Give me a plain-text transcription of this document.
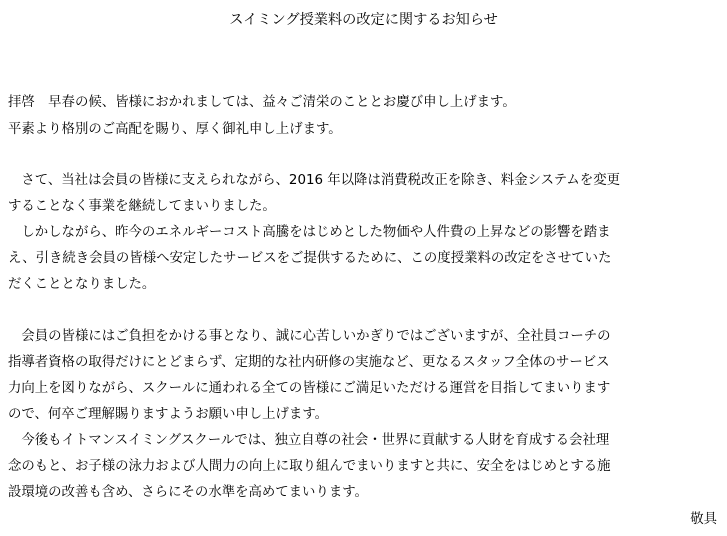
スイミング授業料の改定に関するお知らせ
拝啓　早春の候、皆様におかれましては、益々ご清栄のこととお慶び申し上げます。
平素より格別のご高配を賜り、厚く御礼申し上げます。
　さて、当社は会員の皆様に支えられながら、2016 年以降は消費税改正を除き、料金システムを変更
することなく事業を継続してまいりました。
　しかしながら、昨今のエネルギーコスト高騰をはじめとした物価や人件費の上昇などの影響を踏ま
え、引き続き会員の皆様へ安定したサービスをご提供するために、この度授業料の改定をさせていた
だくこととなりました。
　会員の皆様にはご負担をかける事となり、誠に心苦しいかぎりではございますが、全社員コーチの
指導者資格の取得だけにとどまらず、定期的な社内研修の実施など、更なるスタッフ全体のサービス
力向上を図りながら、スクールに通われる全ての皆様にご満足いただける運営を目指してまいります
ので、何卒ご理解賜りますようお願い申し上げます。
　今後もイトマンスイミングスクールでは、独立自尊の社会・世界に貢献する人財を育成する会社理
念のもと、お子様の泳力および人間力の向上に取り組んでまいりますと共に、安全をはじめとする施
設環境の改善も含め、さらにその水準を高めてまいります。
敬具
